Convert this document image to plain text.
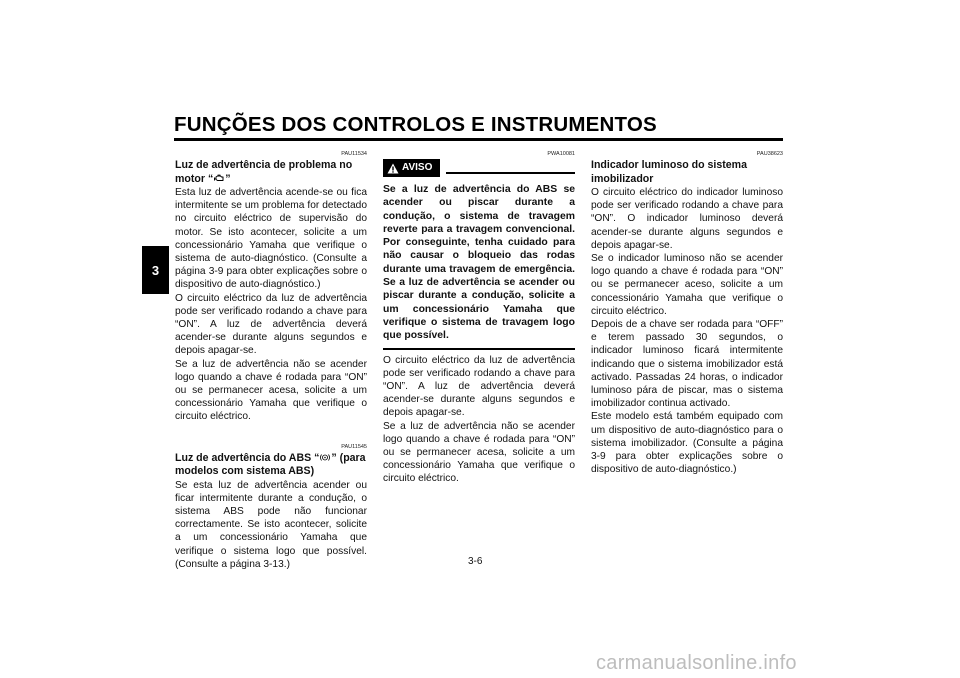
FUNÇÕES DOS CONTROLOS E INSTRUMENTOS
3
PAU11534
Luz de advertência de problema no
motor “ ”

Esta luz de advertência acende-se ou fica intermitente se um problema for detectado no circuito eléctrico de supervisão do motor. Se isto acontecer, solicite a um concessionário Yamaha que verifique o sistema de auto-diagnóstico. (Consulte a página 3-9 para obter explicações sobre o dispositivo de auto-diagnóstico.)

O circuito eléctrico da luz de advertência pode ser verificado rodando a chave para “ON”. A luz de advertência deverá acender-se durante alguns segundos e depois apagar-se.

Se a luz de advertência não se acender logo quando a chave é rodada para “ON” ou se permanecer acesa, solicite a um concessionário Yamaha que verifique o circuito eléctrico.

PAU11545
Luz de advertência do ABS “ ” (para modelos com sistema ABS)

Se esta luz de advertência acender ou ficar intermitente durante a condução, o sistema ABS pode não funcionar correctamente. Se isto acontecer, solicite a um concessionário Yamaha que verifique o sistema logo que possível. (Consulte a página 3-13.)

PWA10081
AVISO

Se a luz de advertência do ABS se acender ou piscar durante a condução, o sistema de travagem reverte para a travagem convencional. Por conseguinte, tenha cuidado para não causar o bloqueio das rodas durante uma travagem de emergência. Se a luz de advertência se acender ou piscar durante a condução, solicite a um concessionário Yamaha que verifique o sistema de travagem logo que possível.

O circuito eléctrico da luz de advertência pode ser verificado rodando a chave para “ON”. A luz de advertência deverá acender-se durante alguns segundos e depois apagar-se.

Se a luz de advertência não se acender logo quando a chave é rodada para “ON” ou se permanecer acesa, solicite a um concessionário Yamaha que verifique o circuito eléctrico.

PAU38623
Indicador luminoso do sistema imobilizador

O circuito eléctrico do indicador luminoso pode ser verificado rodando a chave para “ON”. O indicador luminoso deverá acender-se durante alguns segundos e depois apagar-se.

Se o indicador luminoso não se acender logo quando a chave é rodada para “ON” ou se permanecer aceso, solicite a um concessionário Yamaha que verifique o circuito eléctrico.

Depois de a chave ser rodada para “OFF” e terem passado 30 segundos, o indicador luminoso ficará intermitente indicando que o sistema imobilizador está activado. Passadas 24 horas, o indicador luminoso pára de piscar, mas o sistema imobilizador continua activado.

Este modelo está também equipado com um dispositivo de auto-diagnóstico para o sistema imobilizador. (Consulte a página 3-9 para obter explicações sobre o dispositivo de auto-diagnóstico.)

3-6
carmanualsonline.info
